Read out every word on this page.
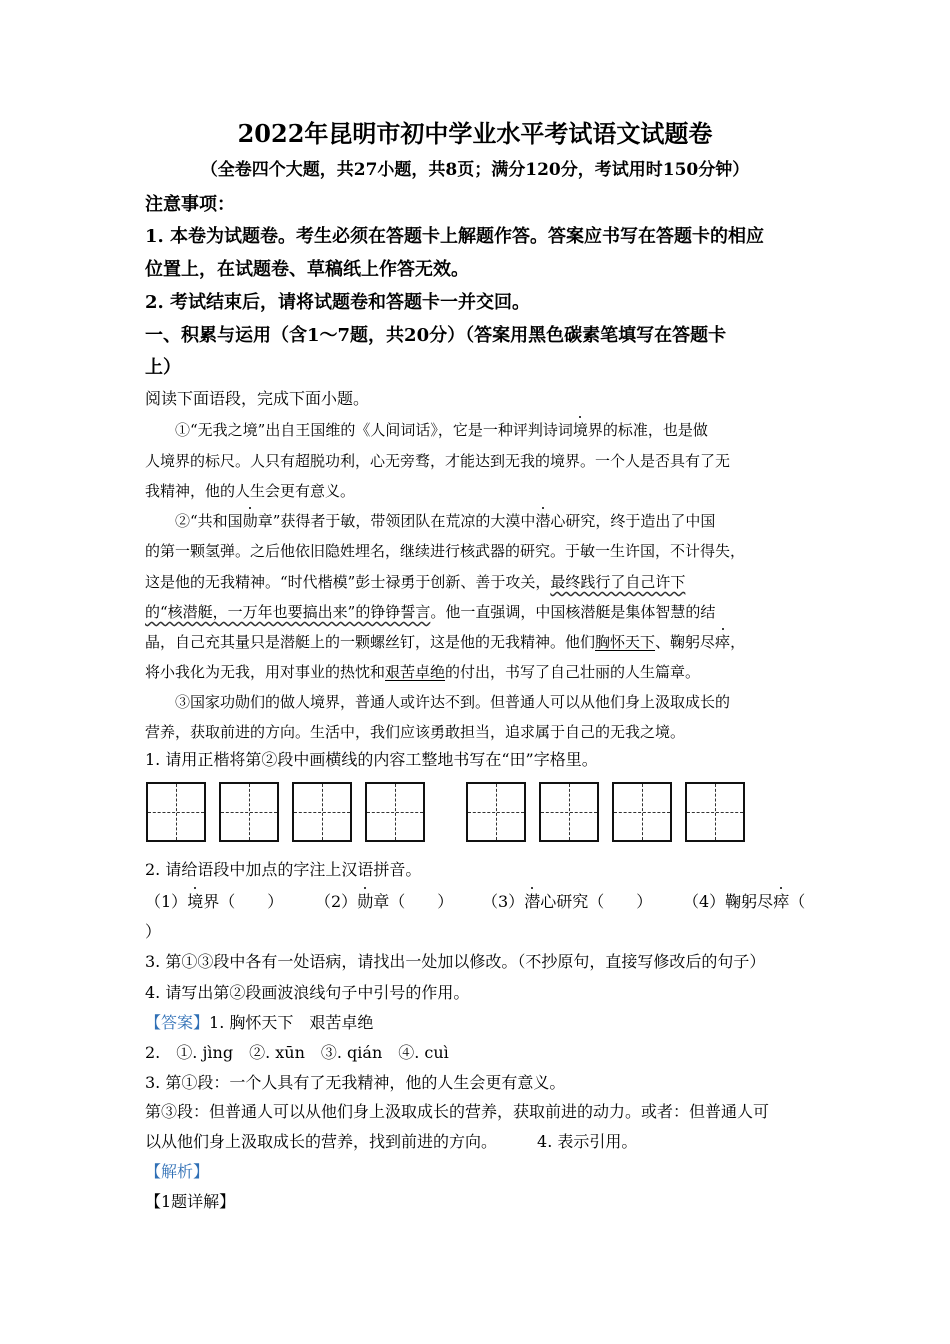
2022年昆明市初中学业水平考试语文试题卷
（全卷四个大题，共27小题，共8页；满分120分，考试用时150分钟）
注意事项：
1. 本卷为试题卷。考生必须在答题卡上解题作答。答案应书写在答题卡的相应
位置上，在试题卷、草稿纸上作答无效。
2. 考试结束后，请将试题卷和答题卡一并交回。
一、积累与运用（含1～7题，共20分）（答案用黑色碳素笔填写在答题卡
上）
阅读下面语段，完成下面小题。
①“无我之境”出自王国维的《人间词话》，它是一种评判诗词境界的标准，也是做
人境界的标尺。人只有超脱功利，心无旁骛，才能达到无我的境界。一个人是否具有了无
我精神，他的人生会更有意义。
②“共和国勋章”获得者于敏，带领团队在荒凉的大漠中潜心研究，终于造出了中国
的第一颗氢弹。之后他依旧隐姓埋名，继续进行核武器的研究。于敏一生许国，不计得失，
这是他的无我精神。“时代楷模”彭士禄勇于创新、善于攻关，最终践行了自己许下
的“核潜艇，一万年也要搞出来”的铮铮誓言。他一直强调，中国核潜艇是集体智慧的结
晶，自己充其量只是潜艇上的一颗螺丝钉，这是他的无我精神。他们胸怀天下、鞠躬尽瘁，
将小我化为无我，用对事业的热忱和艰苦卓绝的付出，书写了自己壮丽的人生篇章。
③国家功勋们的做人境界，普通人或许达不到。但普通人可以从他们身上汲取成长的
营养，获取前进的方向。生活中，我们应该勇敢担当，追求属于自己的无我之境。
1. 请用正楷将第②段中画横线的内容工整地书写在“田”字格里。
2. 请给语段中加点的字注上汉语拼音。
（1）境界（　　） （2）勋章（　　） （3）潜心研究（　　） （4）鞠躬尽瘁（
）
3. 第①③段中各有一处语病，请找出一处加以修改。（不抄原句，直接写修改后的句子）
4. 请写出第②段画波浪线句子中引号的作用。
【答案】1. 胸怀天下　艰苦卓绝
2.　①. jìng　②. xūn　③. qián　④. cuì
3. 第①段：一个人具有了无我精神，他的人生会更有意义。
第③段：但普通人可以从他们身上汲取成长的营养，获取前进的动力。或者：但普通人可
以从他们身上汲取成长的营养，找到前进的方向。	4. 表示引用。
【解析】
【1题详解】
